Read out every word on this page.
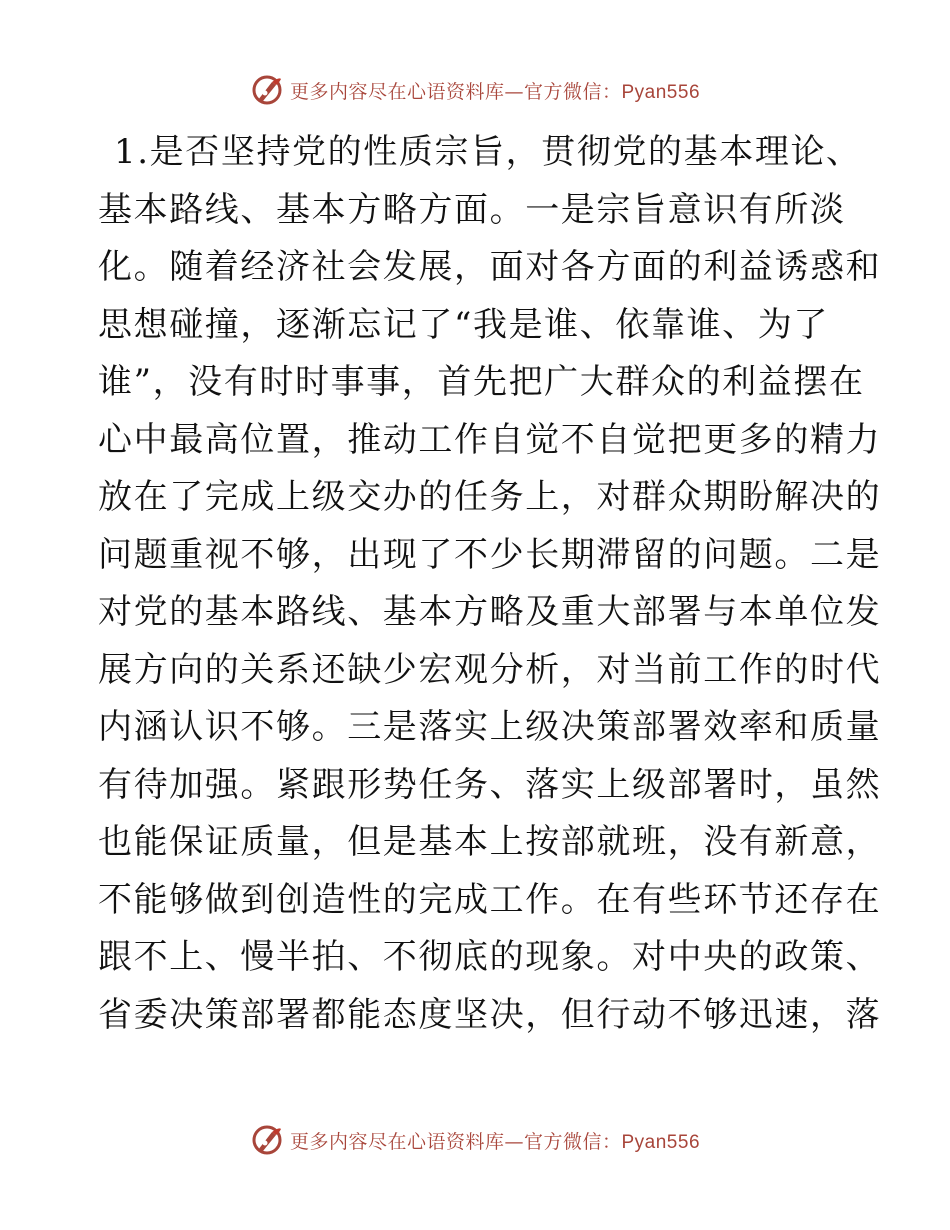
更多内容尽在心语资料库—官方微信：Pyan556
1.是否坚持党的性质宗旨，贯彻党的基本理论、
基本路线、基本方略方面。一是宗旨意识有所淡
化。随着经济社会发展，面对各方面的利益诱惑和
思想碰撞，逐渐忘记了“我是谁、依靠谁、为了
谁”，没有时时事事，首先把广大群众的利益摆在
心中最高位置，推动工作自觉不自觉把更多的精力
放在了完成上级交办的任务上，对群众期盼解决的
问题重视不够，出现了不少长期滞留的问题。二是
对党的基本路线、基本方略及重大部署与本单位发
展方向的关系还缺少宏观分析，对当前工作的时代
内涵认识不够。三是落实上级决策部署效率和质量
有待加强。紧跟形势任务、落实上级部署时，虽然
也能保证质量，但是基本上按部就班，没有新意，
不能够做到创造性的完成工作。在有些环节还存在
跟不上、慢半拍、不彻底的现象。对中央的政策、
省委决策部署都能态度坚决，但行动不够迅速，落
更多内容尽在心语资料库—官方微信：Pyan556
